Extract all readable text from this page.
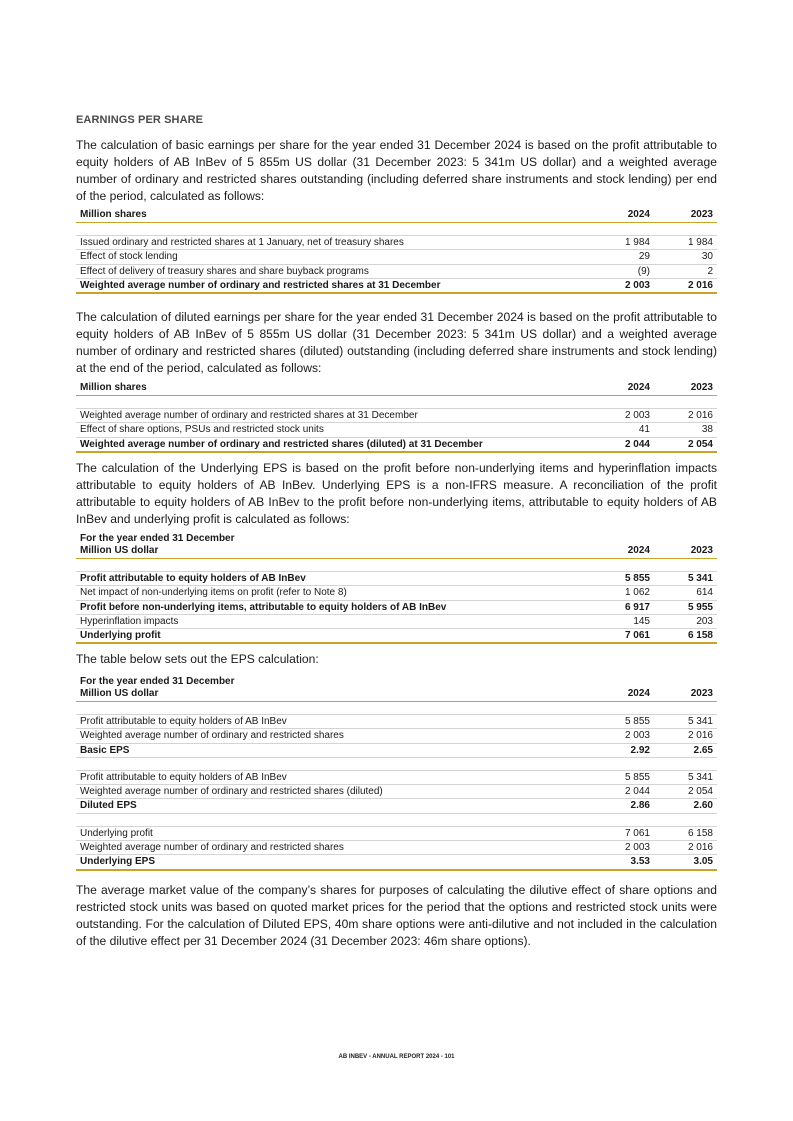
EARNINGS PER SHARE
The calculation of basic earnings per share for the year ended 31 December 2024 is based on the profit attributable to equity holders of AB InBev of 5 855m US dollar (31 December 2023: 5 341m US dollar) and a weighted average number of ordinary and restricted shares outstanding (including deferred share instruments and stock lending) per end of the period, calculated as follows:
Million shares	2024	2023
Issued ordinary and restricted shares at 1 January, net of treasury shares	1 984	1 984
Effect of stock lending	29	30
Effect of delivery of treasury shares and share buyback programs	(9)	2
Weighted average number of ordinary and restricted shares at 31 December	2 003	2 016
The calculation of diluted earnings per share for the year ended 31 December 2024 is based on the profit attributable to equity holders of AB InBev of 5 855m US dollar (31 December 2023: 5 341m US dollar) and a weighted average number of ordinary and restricted shares (diluted) outstanding (including deferred share instruments and stock lending) at the end of the period, calculated as follows:
Million shares	2024	2023
Weighted average number of ordinary and restricted shares at 31 December	2 003	2 016
Effect of share options, PSUs and restricted stock units	41	38
Weighted average number of ordinary and restricted shares (diluted) at 31 December	2 044	2 054
The calculation of the Underlying EPS is based on the profit before non-underlying items and hyperinflation impacts attributable to equity holders of AB InBev. Underlying EPS is a non-IFRS measure. A reconciliation of the profit attributable to equity holders of AB InBev to the profit before non-underlying items, attributable to equity holders of AB InBev and underlying profit is calculated as follows:
For the year ended 31 December
Million US dollar	2024	2023
Profit attributable to equity holders of AB InBev	5 855	5 341
Net impact of non-underlying items on profit (refer to Note 8)	1 062	614
Profit before non-underlying items, attributable to equity holders of AB InBev	6 917	5 955
Hyperinflation impacts	145	203
Underlying profit	7 061	6 158
The table below sets out the EPS calculation:
For the year ended 31 December
Million US dollar	2024	2023
Profit attributable to equity holders of AB InBev	5 855	5 341
Weighted average number of ordinary and restricted shares	2 003	2 016
Basic EPS	2.92	2.65
Profit attributable to equity holders of AB InBev	5 855	5 341
Weighted average number of ordinary and restricted shares (diluted)	2 044	2 054
Diluted EPS	2.86	2.60
Underlying profit	7 061	6 158
Weighted average number of ordinary and restricted shares	2 003	2 016
Underlying EPS	3.53	3.05
The average market value of the company’s shares for purposes of calculating the dilutive effect of share options and restricted stock units was based on quoted market prices for the period that the options and restricted stock units were outstanding. For the calculation of Diluted EPS, 40m share options were anti-dilutive and not included in the calculation of the dilutive effect per 31 December 2024 (31 December 2023: 46m share options).
AB INBEV - ANNUAL REPORT 2024 - 101
